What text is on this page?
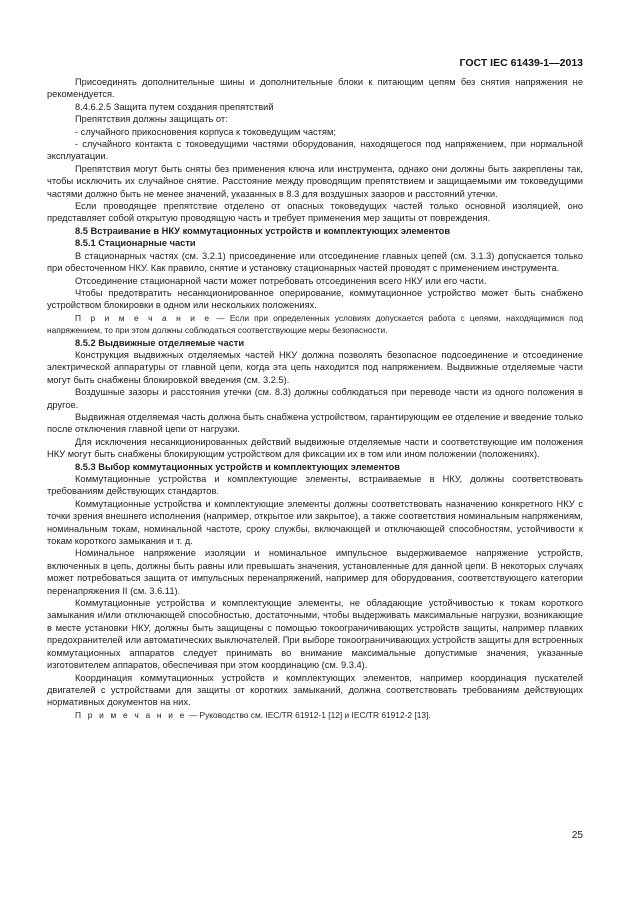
ГОСТ IEC 61439-1—2013

Присоединять дополнительные шины и дополнительные блоки к питающим цепям без снятия напряжения не рекомендуется.

8.4.6.2.5 Защита путем создания препятствий

Препятствия должны защищать от:

- случайного прикосновения корпуса к токоведущим частям;

- случайного контакта с токоведущими частями оборудования, находящегося под напряжением, при нормальной эксплуатации.

Препятствия могут быть сняты без применения ключа или инструмента, однако они должны быть закреплены так, чтобы исключить их случайное снятие. Расстояние между проводящим препятствием и защищаемыми им токоведущими частями должно быть не менее значений, указанных в 8.3 для воздушных зазоров и расстояний утечки.

Если проводящее препятствие отделено от опасных токоведущих частей только основной изоляцией, оно представляет собой открытую проводящую часть и требует применения мер защиты от повреждения.

8.5 Встраивание в НКУ коммутационных устройств и комплектующих элементов

8.5.1 Стационарные части

В стационарных частях (см. 3.2.1) присоединение или отсоединение главных цепей (см. 3.1.3) допускается только при обесточенном НКУ. Как правило, снятие и установку стационарных частей проводят с применением инструмента.

Отсоединение стационарной части может потребовать отсоединения всего НКУ или его части.

Чтобы предотвратить несанкционированное оперирование, коммутационное устройство может быть снабжено устройством блокировки в одном или нескольких положениях.

П р и м е ч а н и е — Если при определенных условиях допускается работа с цепями, находящимися под напряжением, то при этом должны соблюдаться соответствующие меры безопасности.

8.5.2 Выдвижные отделяемые части

Конструкция выдвижных отделяемых частей НКУ должна позволять безопасное подсоединение и отсоединение электрической аппаратуры от главной цепи, когда эта цепь находится под напряжением. Выдвижные отделяемые части могут быть снабжены блокировкой введения (см. 3.2.5).

Воздушные зазоры и расстояния утечки (см. 8.3) должны соблюдаться при переводе части из одного положения в другое.

Выдвижная отделяемая часть должна быть снабжена устройством, гарантирующим ее отделение и введение только после отключения главной цепи от нагрузки.

Для исключения несанкционированных действий выдвижные отделяемые части и соответствующие им положения НКУ могут быть снабжены блокирующим устройством для фиксации их в том или ином положении (положениях).

8.5.3 Выбор коммутационных устройств и комплектующих элементов

Коммутационные устройства и комплектующие элементы, встраиваемые в НКУ, должны соответствовать требованиям действующих стандартов.

Коммутационные устройства и комплектующие элементы должны соответствовать назначению конкретного НКУ с точки зрения внешнего исполнения (например, открытое или закрытое), а также соответствия номинальным напряжениям, номинальным токам, номинальной частоте, сроку службы, включающей и отключающей способностям, устойчивости к токам короткого замыкания и т. д.

Номинальное напряжение изоляции и номинальное импульсное выдерживаемое напряжение устройств, включенных в цепь, должны быть равны или превышать значения, установленные для данной цепи. В некоторых случаях может потребоваться защита от импульсных перенапряжений, например для оборудования, соответствующего категории перенапряжения II (см. 3.6.11).

Коммутационные устройства и комплектующие элементы, не обладающие устойчивостью к токам короткого замыкания и/или отключающей способностью, достаточными, чтобы выдерживать максимальные нагрузки, возникающие в месте установки НКУ, должны быть защищены с помощью токоограничивающих устройств защиты, например плавких предохранителей или автоматических выключателей. При выборе токоограничивающих устройств защиты для встроенных коммутационных аппаратов следует принимать во внимание максимальные допустимые значения, указанные изготовителем аппаратов, обеспечивая при этом координацию (см. 9.3.4).

Координация коммутационных устройств и комплектующих элементов, например координация пускателей двигателей с устройствами для защиты от коротких замыканий, должна соответствовать требованиям действующих нормативных документов на них.

П р и м е ч а н и е — Руководство см. IEC/TR 61912-1 [12] и IEC/TR 61912-2 [13].

25
